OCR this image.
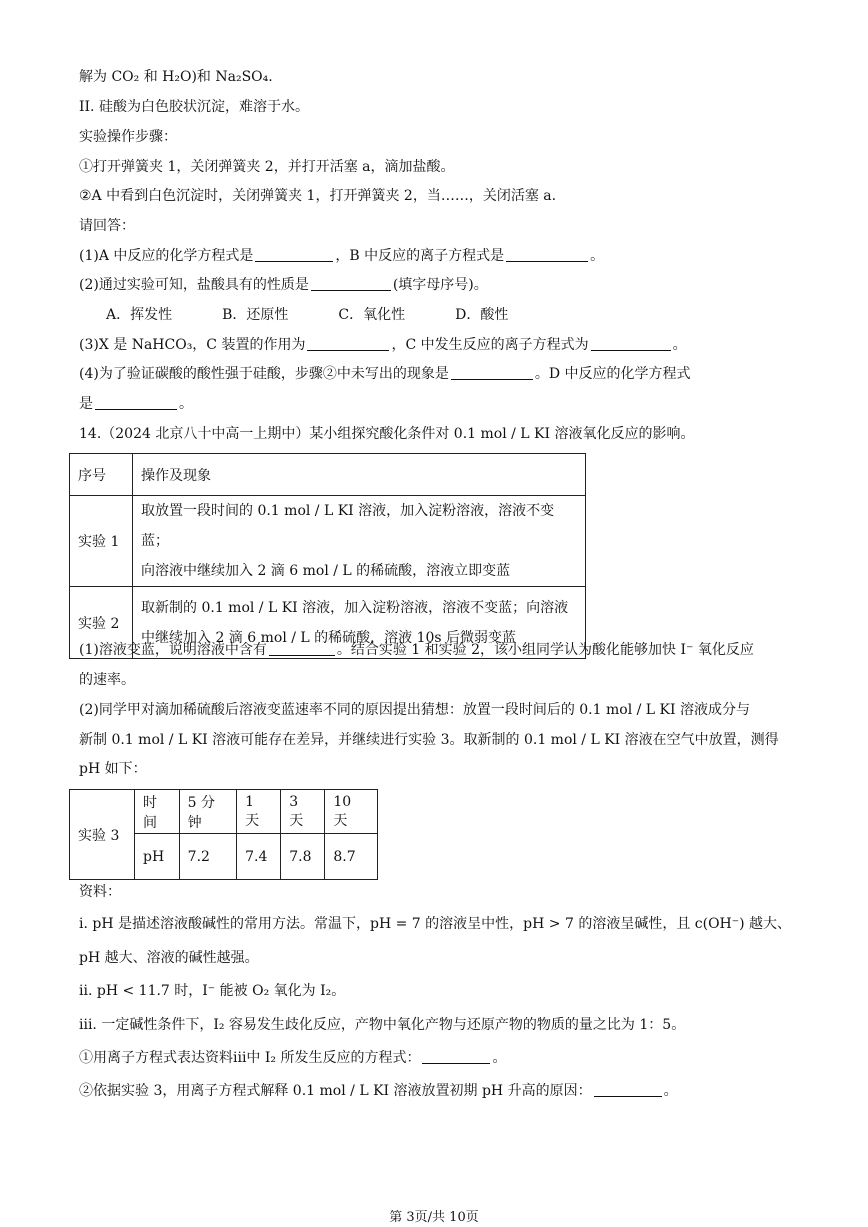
解为 CO₂ 和 H₂O)和 Na₂SO₄.
II. 硅酸为白色胶状沉淀，难溶于水。
实验操作步骤：
①打开弹簧夹 1，关闭弹簧夹 2，并打开活塞 a，滴加盐酸。
②A 中看到白色沉淀时，关闭弹簧夹 1，打开弹簧夹 2，当……，关闭活塞 a.
请回答：
(1)A 中反应的化学方程式是	，B 中反应的离子方程式是	。
(2)通过实验可知，盐酸具有的性质是	(填字母序号)。
A．挥发性	B．还原性	C．氧化性	D．酸性
(3)X 是 NaHCO₃，C 装置的作用为	，C 中发生反应的离子方程式为	。
(4)为了验证碳酸的酸性强于硅酸，步骤②中未写出的现象是	。D 中反应的化学方程式
是	。
14.（2024 北京八十中高一上期中）某小组探究酸化条件对 0.1 mol / L KI 溶液氧化反应的影响。
序号	操作及现象
实验 1	取放置一段时间的 0.1 mol / L KI 溶液，加入淀粉溶液，溶液不变蓝；
向溶液中继续加入 2 滴 6 mol / L 的稀硫酸，溶液立即变蓝

实验 2	取新制的 0.1 mol / L KI 溶液，加入淀粉溶液，溶液不变蓝；向溶液
中继续加入 2 滴 6 mol / L 的稀硫酸，溶液 10s 后微弱变蓝
(1)溶液变蓝，说明溶液中含有	。结合实验 1 和实验 2，该小组同学认为酸化能够加快 I⁻ 氧化反应
的速率。
(2)同学甲对滴加稀硫酸后溶液变蓝速率不同的原因提出猜想：放置一段时间后的 0.1 mol / L KI 溶液成分与
新制 0.1 mol / L KI 溶液可能存在差异，并继续进行实验 3。取新制的 0.1 mol / L KI 溶液在空气中放置，测得
pH 如下：
实验 3	时间	5 分钟	1 天	3 天	10 天
	pH	7.2	7.4	7.8	8.7
资料：
i. pH 是描述溶液酸碱性的常用方法。常温下，pH = 7 的溶液呈中性，pH > 7 的溶液呈碱性，且 c(OH⁻) 越大、
pH 越大、溶液的碱性越强。
ii. pH < 11.7 时，I⁻ 能被 O₂ 氧化为 I₂。
iii. 一定碱性条件下，I₂ 容易发生歧化反应，产物中氧化产物与还原产物的物质的量之比为 1：5。
①用离子方程式表达资料iii中 I₂ 所发生反应的方程式：	。
②依据实验 3，用离子方程式解释 0.1 mol / L KI 溶液放置初期 pH 升高的原因：	。
第 3页/共 10页
